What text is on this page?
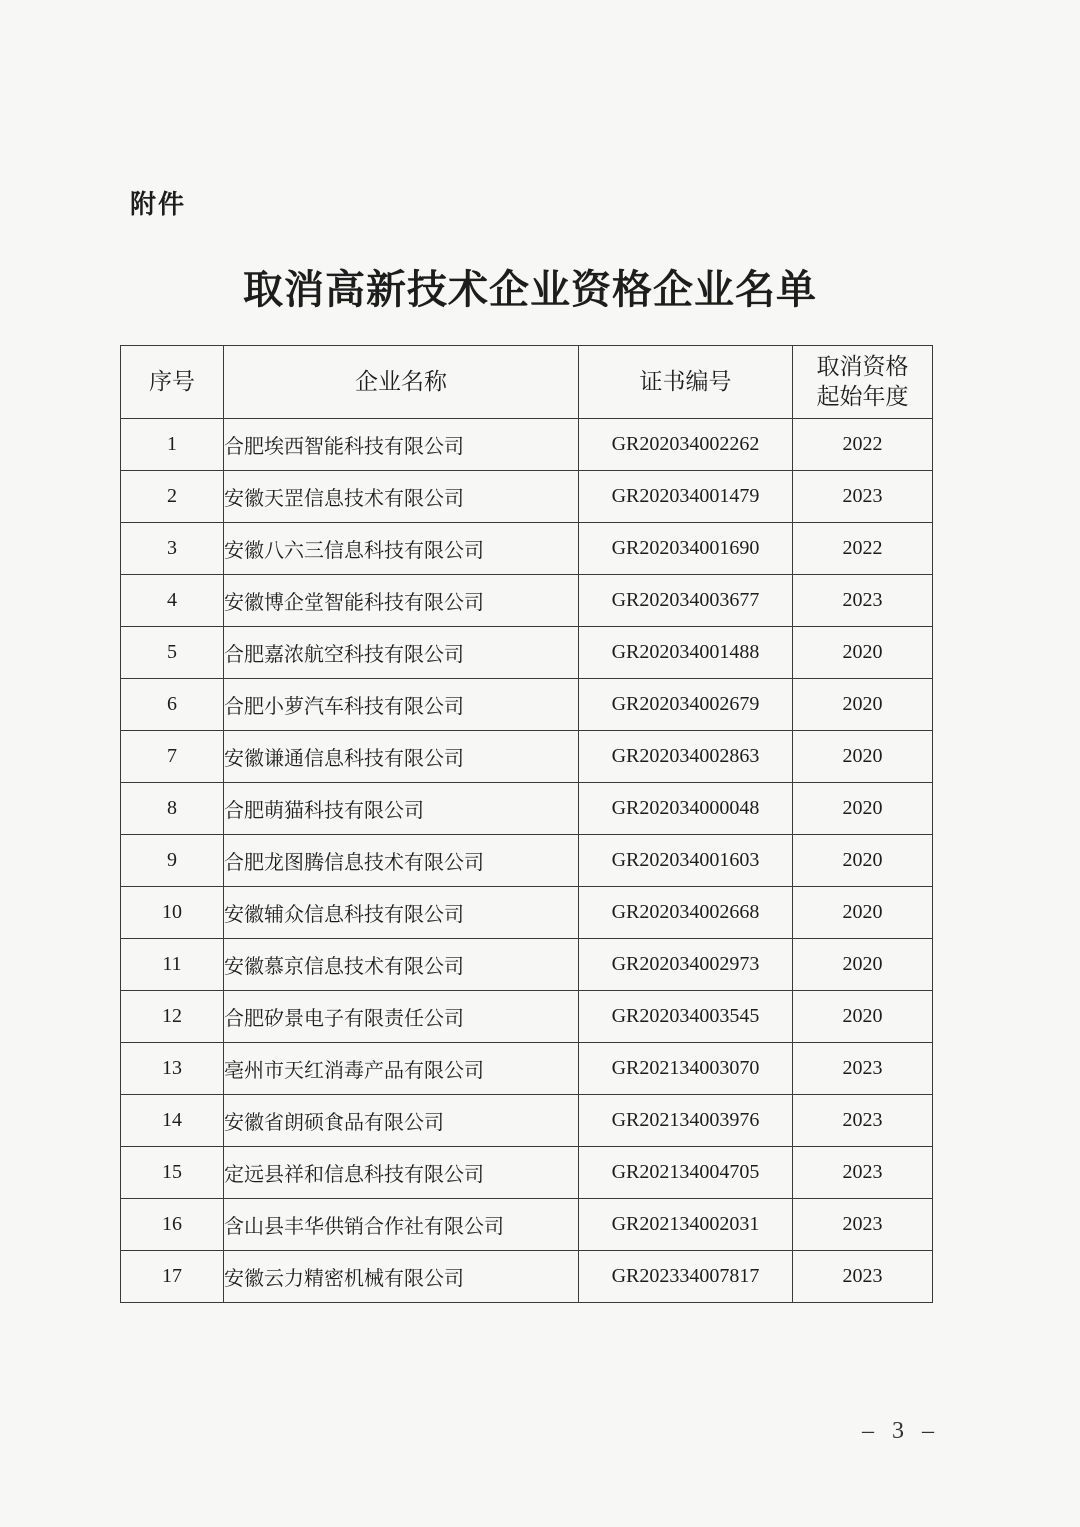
附件
取消高新技术企业资格企业名单
序号	企业名称	证书编号	取消资格
起始年度

1	合肥埃西智能科技有限公司	GR202034002262	2022
2	安徽天罡信息技术有限公司	GR202034001479	2023
3	安徽八六三信息科技有限公司	GR202034001690	2022
4	安徽博企堂智能科技有限公司	GR202034003677	2023
5	合肥嘉浓航空科技有限公司	GR202034001488	2020
6	合肥小萝汽车科技有限公司	GR202034002679	2020
7	安徽谦通信息科技有限公司	GR202034002863	2020
8	合肥萌猫科技有限公司	GR202034000048	2020
9	合肥龙图腾信息技术有限公司	GR202034001603	2020
10	安徽辅众信息科技有限公司	GR202034002668	2020
11	安徽慕京信息技术有限公司	GR202034002973	2020
12	合肥矽景电子有限责任公司	GR202034003545	2020
13	亳州市天红消毒产品有限公司	GR202134003070	2023
14	安徽省朗硕食品有限公司	GR202134003976	2023
15	定远县祥和信息科技有限公司	GR202134004705	2023
16	含山县丰华供销合作社有限公司	GR202134002031	2023
17	安徽云力精密机械有限公司	GR202334007817	2023
– 3 –
